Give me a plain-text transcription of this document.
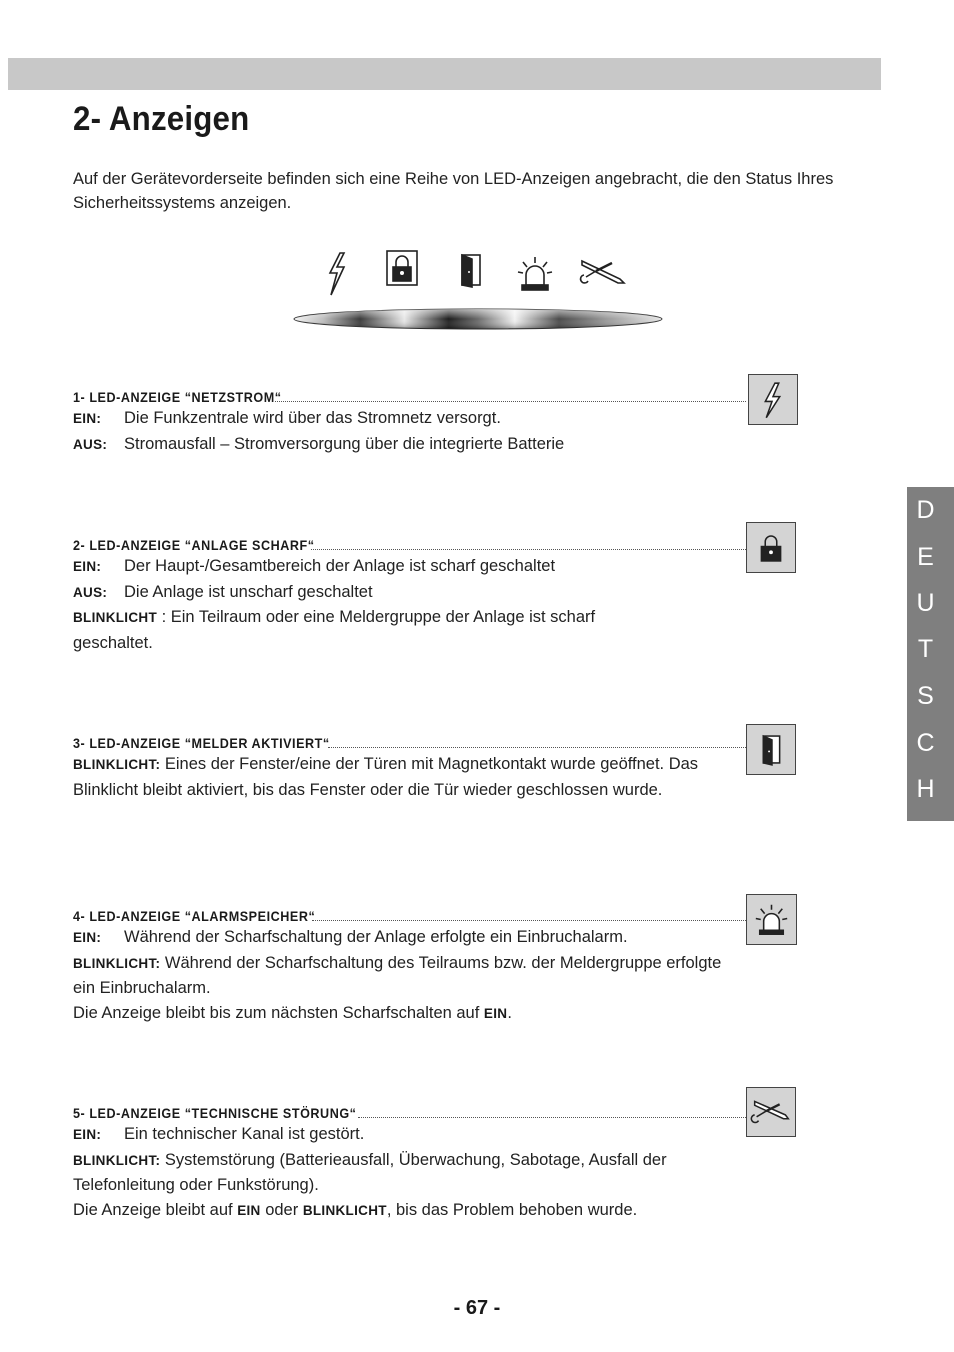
2- Anzeigen

Auf der Gerätevorderseite befinden sich eine Reihe von LED-Anzeigen angebracht, die den Status Ihres Sicherheitssystems anzeigen.

1- LED-ANZEIGE “NETZSTROM“

EIN: Die Funkzentrale wird über das Stromnetz versorgt.

AUS: Stromausfall – Stromversorgung über die integrierte Batterie

2- LED-ANZEIGE “ANLAGE SCHARF“

EIN: Der Haupt-/Gesamtbereich der Anlage ist scharf geschaltet

AUS: Die Anlage ist unscharf geschaltet

BLINKLICHT : Ein Teilraum oder eine Meldergruppe der Anlage ist scharf geschaltet.

3- LED-ANZEIGE “MELDER AKTIVIERT“

BLINKLICHT: Eines der Fenster/eine der Türen mit Magnetkontakt wurde geöffnet. Das Blinklicht bleibt aktiviert, bis das Fenster oder die Tür wieder geschlossen wurde.

4- LED-ANZEIGE “ALARMSPEICHER“

EIN: Während der Scharfschaltung der Anlage erfolgte ein Einbruchalarm.

BLINKLICHT: Während der Scharfschaltung des Teilraums bzw. der Meldergruppe erfolgte ein Einbruchalarm.

Die Anzeige bleibt bis zum nächsten Scharfschalten auf EIN.

5- LED-ANZEIGE “TECHNISCHE STÖRUNG“

EIN: Ein technischer Kanal ist gestört.

BLINKLICHT: Systemstörung (Batterieausfall, Überwachung, Sabotage, Ausfall der Telefonleitung oder Funkstörung).

Die Anzeige bleibt auf EIN oder BLINKLICHT, bis das Problem behoben wurde.

D
E
U
T
S
C
H
- 67 -
